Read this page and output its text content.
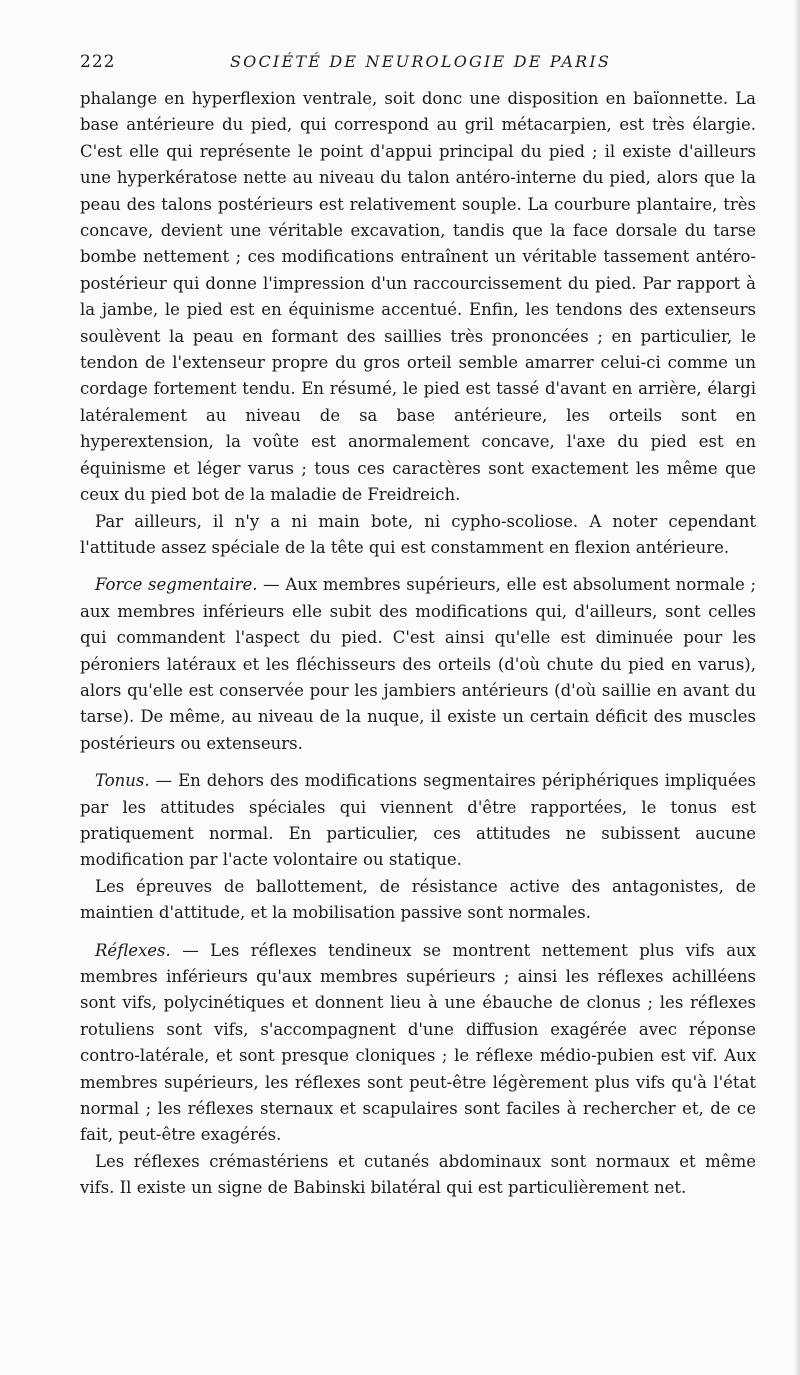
222	SOCIÉTÉ DE NEUROLOGIE DE PARIS

phalange en hyperflexion ventrale, soit donc une disposition en baïonnette. La base antérieure du pied, qui correspond au gril métacarpien, est très élargie. C'est elle qui représente le point d'appui principal du pied ; il existe d'ailleurs une hyperkératose nette au niveau du talon antéro-interne du pied, alors que la peau des talons postérieurs est relativement souple. La courbure plantaire, très concave, devient une véritable excavation, tandis que la face dorsale du tarse bombe nettement ; ces modifications entraînent un véritable tassement antéro-postérieur qui donne l'impression d'un raccourcissement du pied. Par rapport à la jambe, le pied est en équinisme accentué. Enfin, les tendons des extenseurs soulèvent la peau en formant des saillies très prononcées ; en particulier, le tendon de l'extenseur propre du gros orteil semble amarrer celui-ci comme un cordage fortement tendu. En résumé, le pied est tassé d'avant en arrière, élargi latéralement au niveau de sa base antérieure, les orteils sont en hyperextension, la voûte est anormalement concave, l'axe du pied est en équinisme et léger varus ; tous ces caractères sont exactement les même que ceux du pied bot de la maladie de Freidreich.

Par ailleurs, il n'y a ni main bote, ni cypho-scoliose. A noter cependant l'attitude assez spéciale de la tête qui est constamment en flexion antérieure.

Force segmentaire. — Aux membres supérieurs, elle est absolument normale ; aux membres inférieurs elle subit des modifications qui, d'ailleurs, sont celles qui commandent l'aspect du pied. C'est ainsi qu'elle est diminuée pour les péroniers latéraux et les fléchisseurs des orteils (d'où chute du pied en varus), alors qu'elle est conservée pour les jambiers antérieurs (d'où saillie en avant du tarse). De même, au niveau de la nuque, il existe un certain déficit des muscles postérieurs ou extenseurs.

Tonus. — En dehors des modifications segmentaires périphériques impliquées par les attitudes spéciales qui viennent d'être rapportées, le tonus est pratiquement normal. En particulier, ces attitudes ne subissent aucune modification par l'acte volontaire ou statique.

Les épreuves de ballottement, de résistance active des antagonistes, de maintien d'attitude, et la mobilisation passive sont normales.

Réflexes. — Les réflexes tendineux se montrent nettement plus vifs aux membres inférieurs qu'aux membres supérieurs ; ainsi les réflexes achilléens sont vifs, polycinétiques et donnent lieu à une ébauche de clonus ; les réflexes rotuliens sont vifs, s'accompagnent d'une diffusion exagérée avec réponse contro-latérale, et sont presque cloniques ; le réflexe médio-pubien est vif. Aux membres supérieurs, les réflexes sont peut-être légèrement plus vifs qu'à l'état normal ; les réflexes sternaux et scapulaires sont faciles à rechercher et, de ce fait, peut-être exagérés.

Les réflexes crémastériens et cutanés abdominaux sont normaux et même vifs. Il existe un signe de Babinski bilatéral qui est particulièrement net.
